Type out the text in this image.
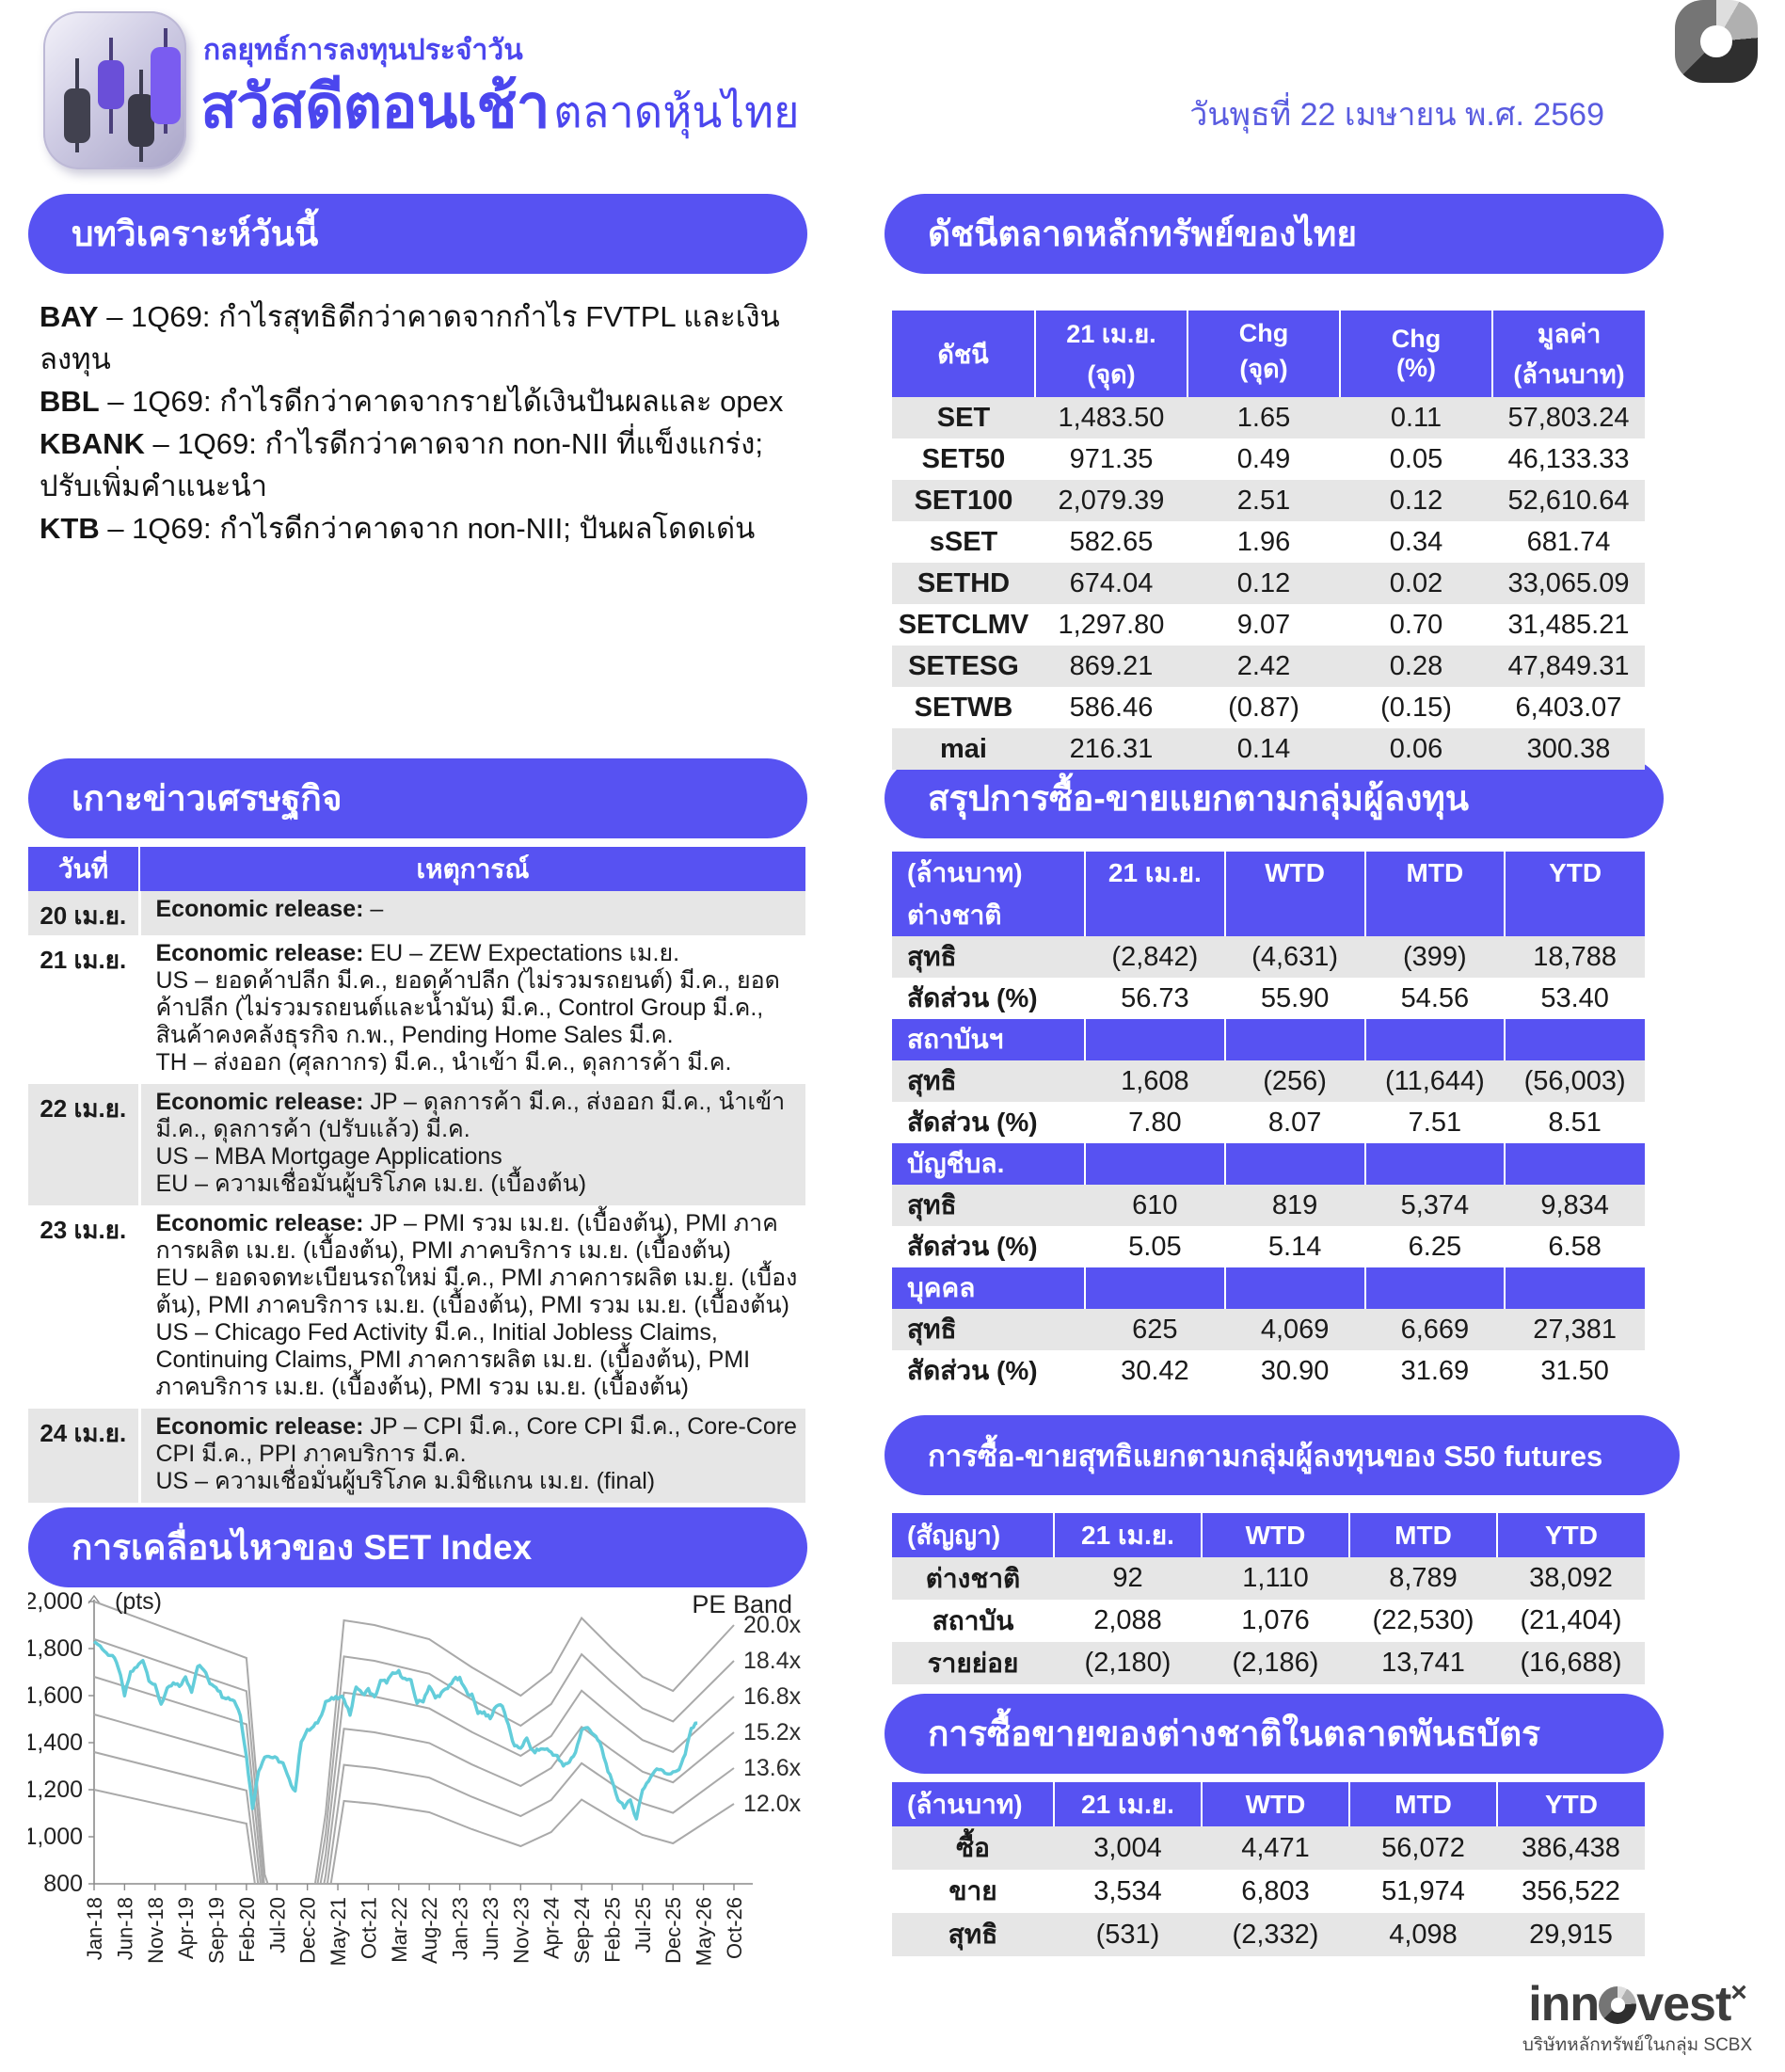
กลยุทธ์การลงทุนประจำวัน
สวัสดีตอนเช้า ตลาดหุ้นไทย	วันพุธที่ 22 เมษายน พ.ศ. 2569
บทวิเคราะห์วันนี้	ดัชนีตลาดหลักทรัพย์ของไทย
เกาะข่าวเศรษฐกิจ	สรุปการซื้อ-ขายแยกตามกลุ่มผู้ลงทุน
การเคลื่อนไหวของ SET Index
การซื้อ-ขายสุทธิแยกตามกลุ่มผู้ลงทุนของ S50 futures
การซื้อขายของต่างชาติในตลาดพันธบัตร
BAY – 1Q69: กำไรสุทธิดีกว่าคาดจากกำไร FVTPL และเงินลงทุน
BBL – 1Q69: กำไรดีกว่าคาดจากรายได้เงินปันผลและ opex
KBANK – 1Q69: กำไรดีกว่าคาดจาก non-NII ที่แข็งแกร่ง; ปรับเพิ่มคำแนะนำ
KTB – 1Q69: กำไรดีกว่าคาดจาก non-NII; ปันผลโดดเด่น
ดัชนี

21 เม.ย.
(จุด)

Chg
(จุด)

Chg
(%)

มูลค่า
(ล้านบาท)

SET	1,483.50	1.65	0.11	57,803.24
SET50	971.35	0.49	0.05	46,133.33
SET100	2,079.39	2.51	0.12	52,610.64
sSET	582.65	1.96	0.34	681.74
SETHD	674.04	0.12	0.02	33,065.09
SETCLMV	1,297.80	9.07	0.70	31,485.21
SETESG	869.21	2.42	0.28	47,849.31
SETWB	586.46	(0.87)	(0.15)	6,403.07
mai	216.31	0.14	0.06	300.38
วันที่	เหตุการณ์

20 เม.ย.	Economic release: –

21 เม.ย.	Economic release: EU – ZEW Expectations เม.ย.
US – ยอดค้าปลีก มี.ค., ยอดค้าปลีก (ไม่รวมรถยนต์) มี.ค., ยอดค้าปลีก (ไม่รวมรถยนต์และน้ำมัน) มี.ค., Control Group มี.ค., สินค้าคงคลังธุรกิจ ก.พ., Pending Home Sales มี.ค.
TH – ส่งออก (ศุลกากร) มี.ค., นำเข้า มี.ค., ดุลการค้า มี.ค.

22 เม.ย.	Economic release: JP – ดุลการค้า มี.ค., ส่งออก มี.ค., นำเข้า มี.ค., ดุลการค้า (ปรับแล้ว) มี.ค.
US – MBA Mortgage Applications
EU – ความเชื่อมั่นผู้บริโภค เม.ย. (เบื้องต้น)

23 เม.ย.	Economic release: JP – PMI รวม เม.ย. (เบื้องต้น), PMI ภาคการผลิต เม.ย. (เบื้องต้น), PMI ภาคบริการ เม.ย. (เบื้องต้น)
EU – ยอดจดทะเบียนรถใหม่ มี.ค., PMI ภาคการผลิต เม.ย. (เบื้องต้น), PMI ภาคบริการ เม.ย. (เบื้องต้น), PMI รวม เม.ย. (เบื้องต้น)
US – Chicago Fed Activity มี.ค., Initial Jobless Claims, Continuing Claims, PMI ภาคการผลิต เม.ย. (เบื้องต้น), PMI ภาคบริการ เม.ย. (เบื้องต้น), PMI รวม เม.ย. (เบื้องต้น)

24 เม.ย.	Economic release: JP – CPI มี.ค., Core CPI มี.ค., Core-Core CPI มี.ค., PPI ภาคบริการ มี.ค.
US – ความเชื่อมั่นผู้บริโภค ม.มิชิแกน เม.ย. (final)
(ล้านบาท)	21 เม.ย.	WTD	MTD	YTD

ต่างชาติ				
สุทธิ	(2,842)	(4,631)	(399)	18,788
สัดส่วน (%)	56.73	55.90	54.56	53.40
สถาบันฯ				
สุทธิ	1,608	(256)	(11,644)	(56,003)
สัดส่วน (%)	7.80	8.07	7.51	8.51
บัญชีบล.				
สุทธิ	610	819	5,374	9,834
สัดส่วน (%)	5.05	5.14	6.25	6.58
บุคคล				
สุทธิ	625	4,069	6,669	27,381
สัดส่วน (%)	30.42	30.90	31.69	31.50
(สัญญา)	21 เม.ย.	WTD	MTD	YTD

ต่างชาติ	92	1,110	8,789	38,092
สถาบัน	2,088	1,076	(22,530)	(21,404)
รายย่อย	(2,180)	(2,186)	13,741	(16,688)
(ล้านบาท)	21 เม.ย.	WTD	MTD	YTD

ซื้อ	3,004	4,471	56,072	386,438
ขาย	3,534	6,803	51,974	356,522
สุทธิ	(531)	(2,332)	4,098	29,915
800
1,000
1,200
1,400
1,600
1,800
2,000
Jan-18 Jun-18 Nov-18 Apr-19 Sep-19 Feb-20 Jul-20 Dec-20 May-21 Oct-21 Mar-22 Aug-22 Jan-23 Jun-23 Nov-23 Apr-24 Sep-24 Feb-25 Jul-25 Dec-25 May-26 Oct-26
20.0x
18.4x
16.8x
15.2x
13.6x
12.0x
(pts)	PE Band
inn vest×
บริษัทหลักทรัพย์ในกลุ่ม SCBX
